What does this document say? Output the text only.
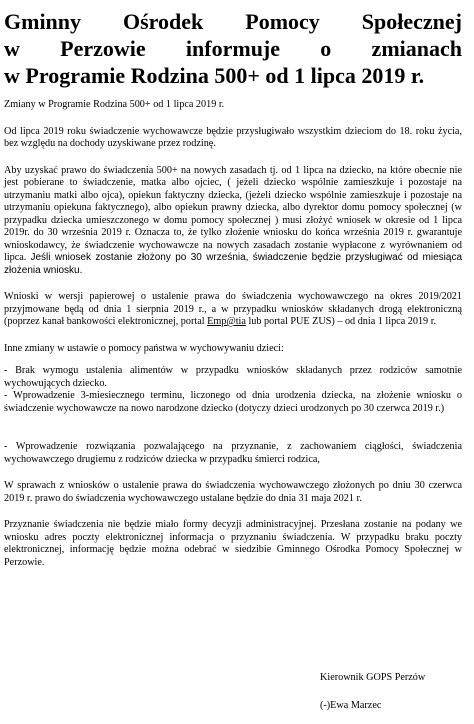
Gminny Ośrodek Pomocy Społecznej
w Perzowie informuje o zmianach
w Programie Rodzina 500+ od 1 lipca 2019 r.

Zmiany w Programie Rodzina 500+ od 1 lipca 2019 r.

Od lipca 2019 roku świadczenie wychowawcze będzie przysługiwało wszystkim dzieciom do 18. roku życia, bez względu na dochody uzyskiwane przez rodzinę.

Aby uzyskać prawo do świadczenia 500+ na nowych zasadach tj. od 1 lipca na dziecko, na które obecnie nie jest pobierane to świadczenie, matka albo ojciec, ( jeżeli dziecko wspólnie zamieszkuje i pozostaje na utrzymaniu matki albo ojca), opiekun faktyczny dziecka, (jeżeli dziecko wspólnie zamieszkuje i pozostaje na utrzymaniu opiekuna faktycznego), albo opiekun prawny dziecka, albo dyrektor domu pomocy społecznej (w przypadku dziecka umieszczonego w domu pomocy społecznej ) musi złożyć wniosek w okresie od 1 lipca 2019r. do 30 września 2019 r. Oznacza to, że tylko złożenie wniosku do końca września 2019 r. gwarantuje wnioskodawcy, że świadczenie wychowawcze na nowych zasadach zostanie wypłacone z wyrównaniem od lipca. Jeśli wniosek zostanie złożony po 30 września, świadczenie będzie przysługiwać od miesiąca złożenia wniosku.

Wnioski w wersji papierowej o ustalenie prawa do świadczenia wychowawczego na okres 2019/2021 przyjmowane będą od dnia 1 sierpnia 2019 r., a w przypadku wniosków składanych drogą elektroniczną (poprzez kanał bankowości elektronicznej, portal Emp@tia lub portal PUE ZUS) – od dnia 1 lipca 2019 r.

Inne zmiany w ustawie o pomocy państwa w wychowywaniu dzieci:

- Brak wymogu ustalenia alimentów w przypadku wniosków składanych przez rodziców samotnie wychowujących dziecko.

- Wprowadzenie 3-miesiecznego terminu, liczonego od dnia urodzenia dziecka, na złożenie wniosku o świadczenie wychowawcze na nowo narodzone dziecko (dotyczy dzieci urodzonych po 30 czerwca 2019 r.)

- Wprowadzenie rozwiązania pozwalającego na przyznanie, z zachowaniem ciągłości, świadczenia wychowawczego drugiemu z rodziców dziecka w przypadku śmierci rodzica,

W sprawach z wniosków o ustalenie prawa do świadczenia wychowawczego złożonych po dniu 30 czerwca 2019 r. prawo do świadczenia wychowawczego ustalane będzie do dnia 31 maja 2021 r.

Przyznanie świadczenia nie będzie miało formy decyzji administracyjnej. Przesłana zostanie na podany we wniosku adres poczty elektronicznej informacja o przyznaniu świadczenia. W przypadku braku poczty elektronicznej, informację będzie można odebrać w siedzibie Gminnego Ośrodka Pomocy Społecznej w Perzowie.

Kierownik GOPS Perzów
(-)Ewa Marzec
